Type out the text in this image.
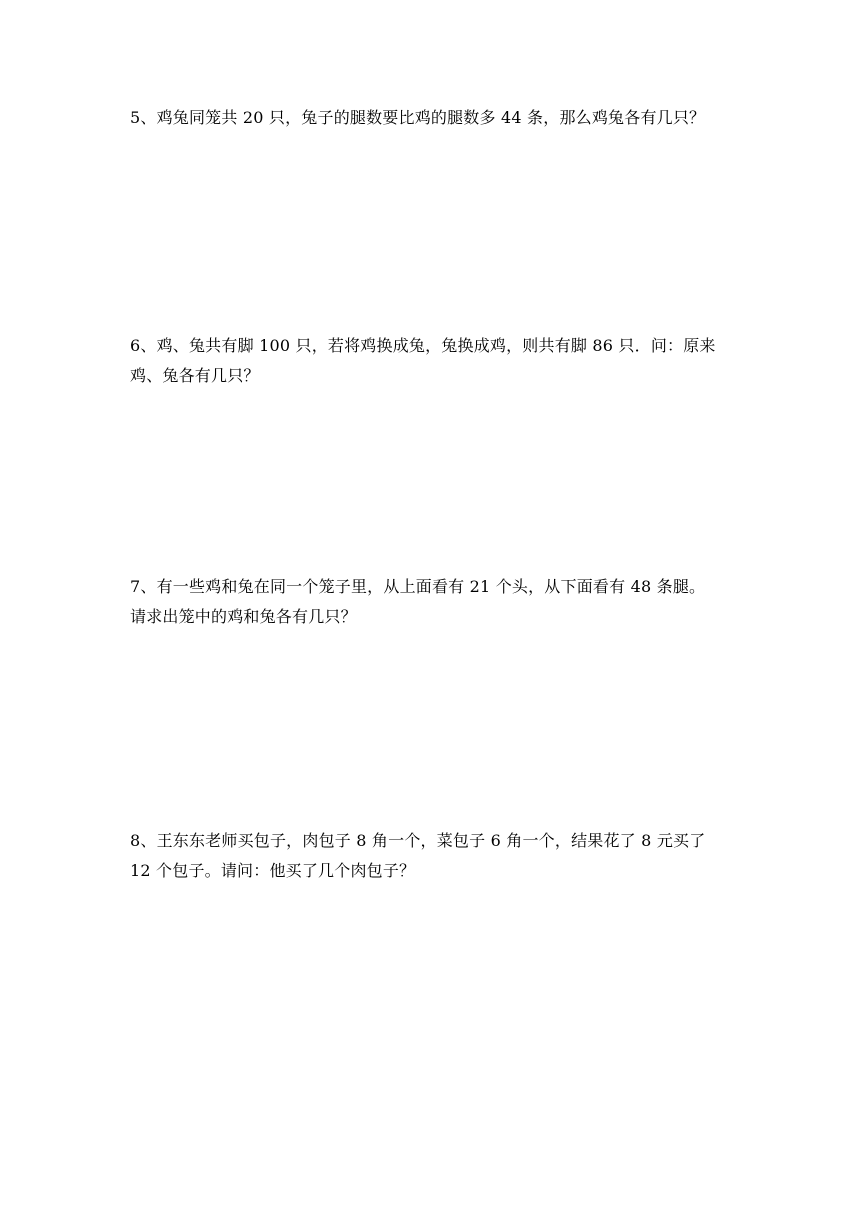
5、鸡兔同笼共 20 只，兔子的腿数要比鸡的腿数多 44 条，那么鸡兔各有几只？
6、鸡、兔共有脚 100 只，若将鸡换成兔，兔换成鸡，则共有脚 86 只．问：原来
鸡、兔各有几只？
7、有一些鸡和兔在同一个笼子里，从上面看有 21 个头，从下面看有 48 条腿。
请求出笼中的鸡和兔各有几只？
8、王东东老师买包子，肉包子 8 角一个，菜包子 6 角一个，结果花了 8 元买了
12 个包子。请问：他买了几个肉包子？
